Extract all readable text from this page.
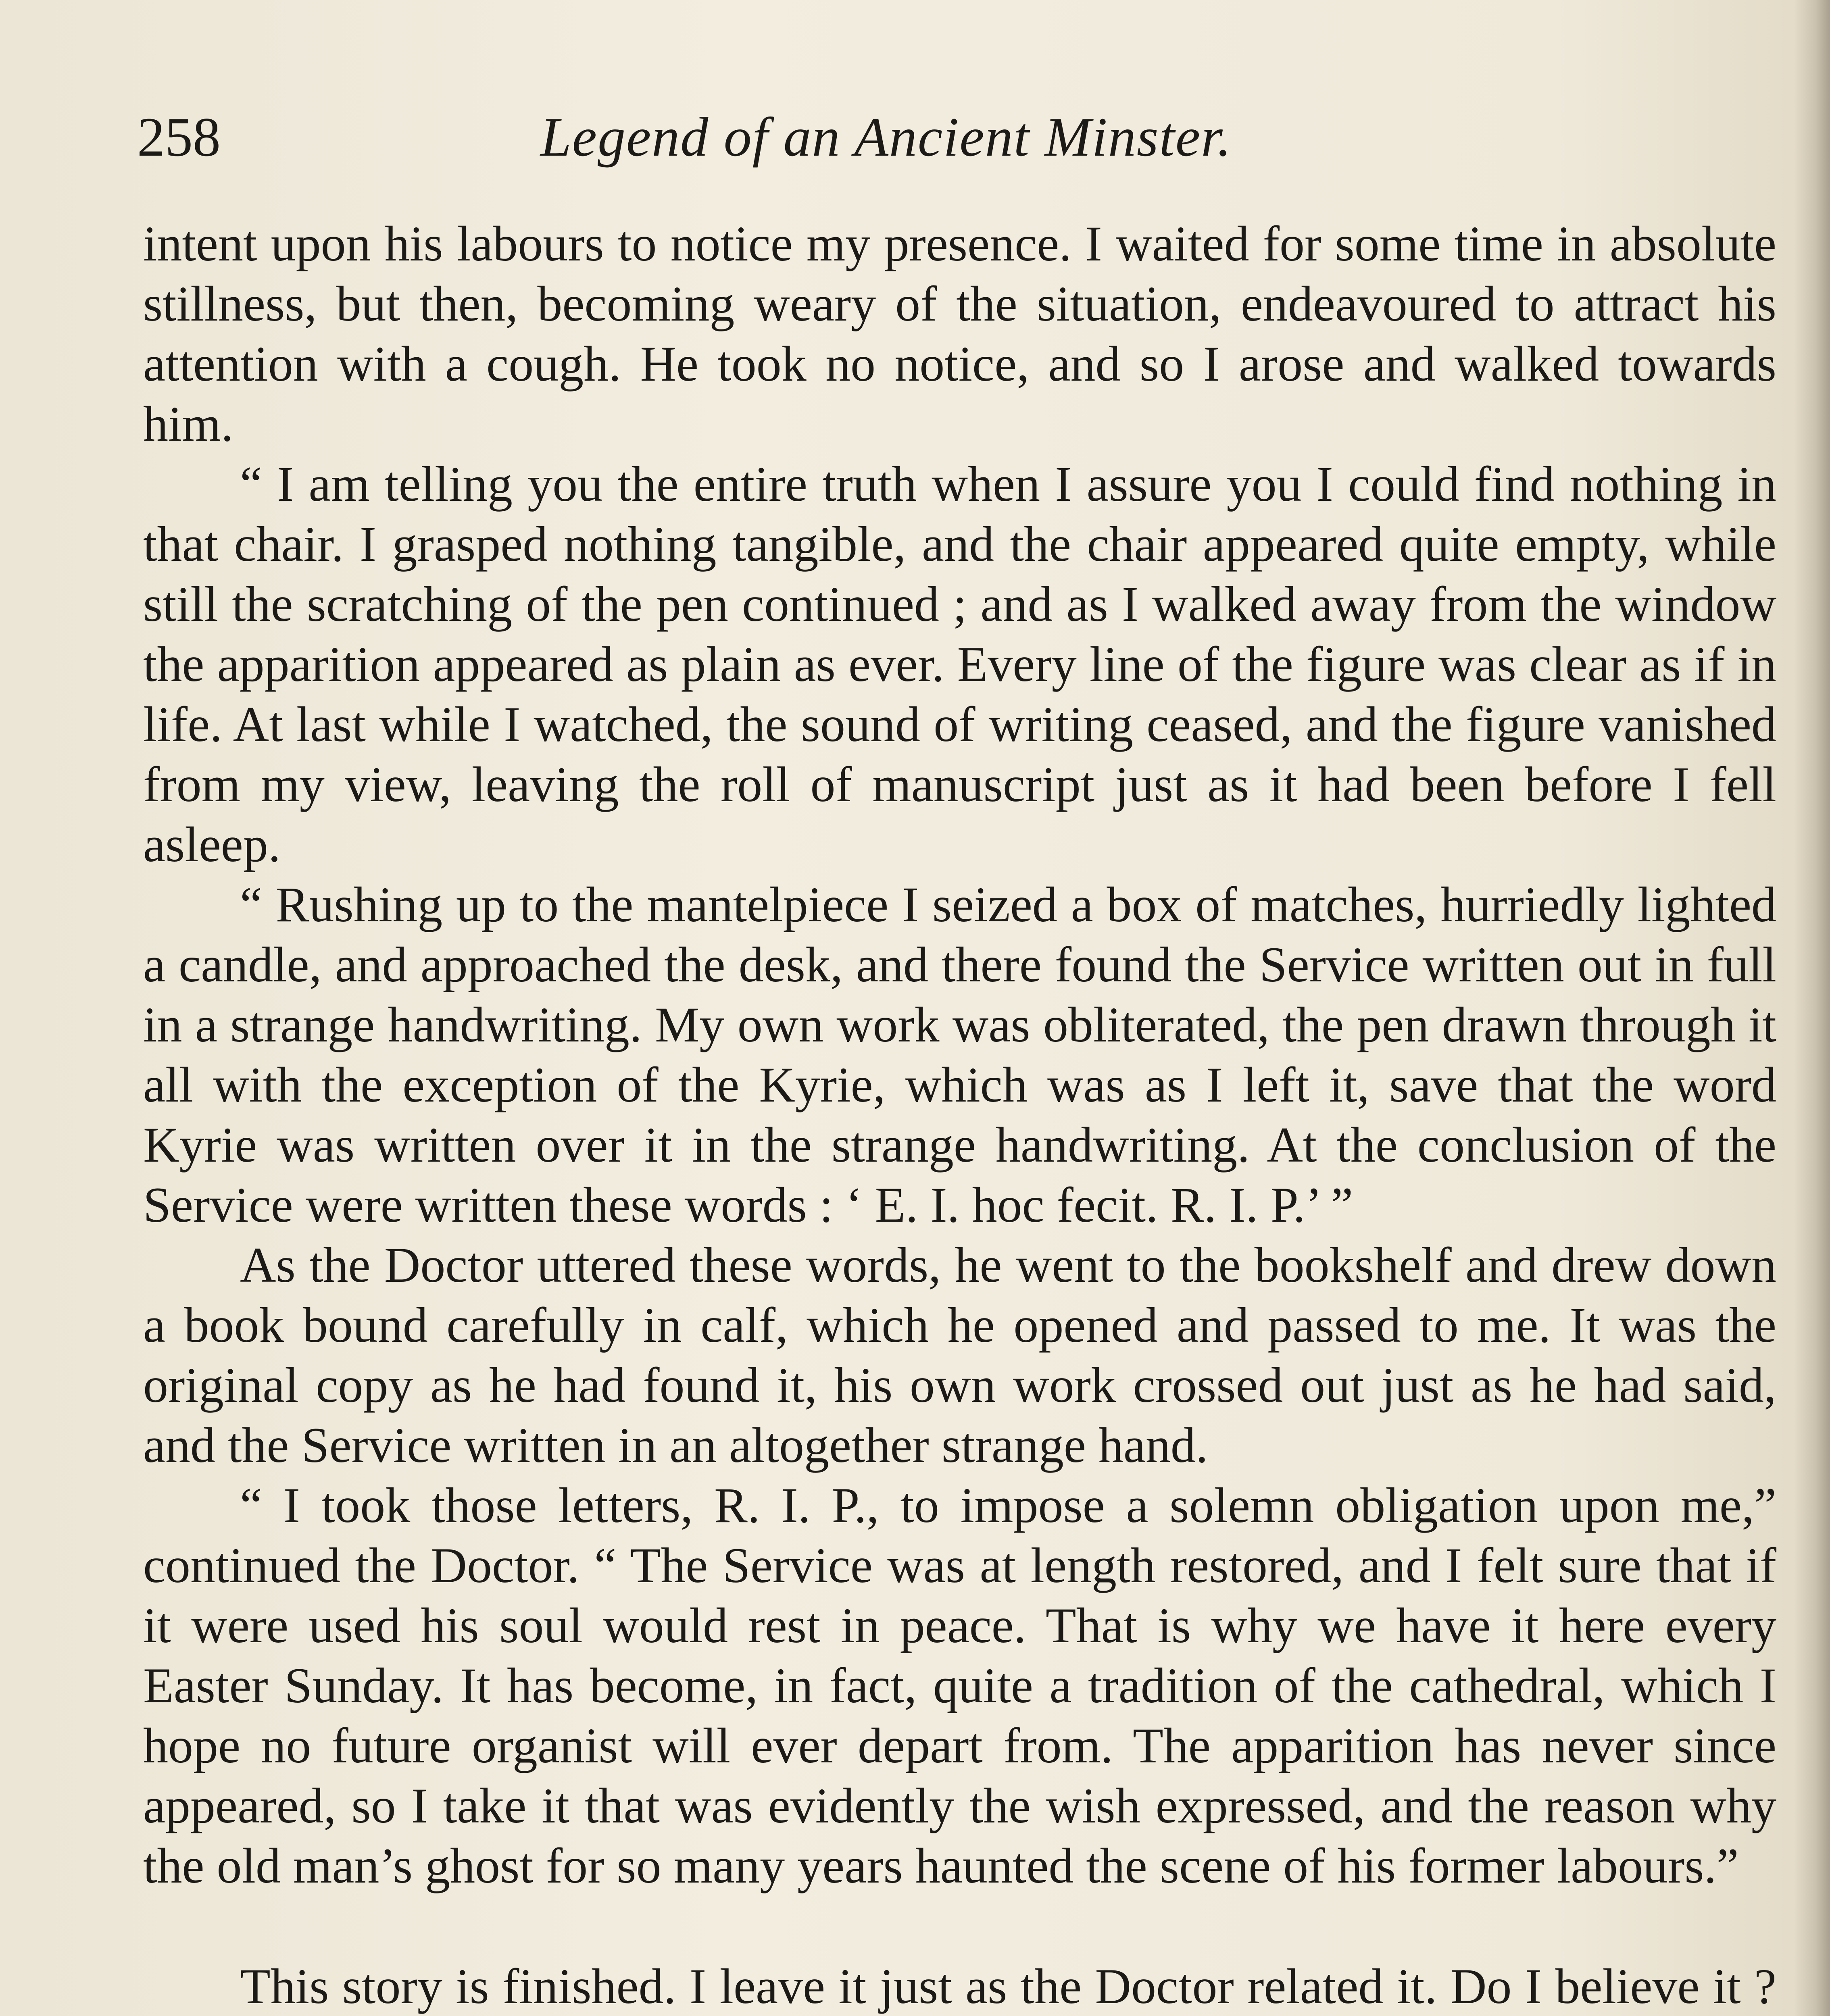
258	Legend of an Ancient Minster.

intent upon his labours to notice my presence. I waited for some time in absolute stillness, but then, becoming weary of the situation, endeavoured to attract his attention with a cough. He took no notice, and so I arose and walked towards him.

“ I am telling you the entire truth when I assure you I could find nothing in that chair. I grasped nothing tangible, and the chair appeared quite empty, while still the scratching of the pen continued ; and as I walked away from the window the apparition appeared as plain as ever. Every line of the figure was clear as if in life. At last while I watched, the sound of writing ceased, and the figure vanished from my view, leaving the roll of manuscript just as it had been before I fell asleep.

“ Rushing up to the mantelpiece I seized a box of matches, hurriedly lighted a candle, and approached the desk, and there found the Service written out in full in a strange handwriting. My own work was obliterated, the pen drawn through it all with the exception of the Kyrie, which was as I left it, save that the word Kyrie was written over it in the strange handwriting. At the conclusion of the Service were written these words : ‘ E. I. hoc fecit. R. I. P.’ ”

As the Doctor uttered these words, he went to the bookshelf and drew down a book bound carefully in calf, which he opened and passed to me. It was the original copy as he had found it, his own work crossed out just as he had said, and the Service written in an altogether strange hand.

“ I took those letters, R. I. P., to impose a solemn obligation upon me,” continued the Doctor. “ The Service was at length restored, and I felt sure that if it were used his soul would rest in peace. That is why we have it here every Easter Sunday. It has become, in fact, quite a tradition of the cathedral, which I hope no future organist will ever depart from. The apparition has never since appeared, so I take it that was evidently the wish expressed, and the reason why the old man’s ghost for so many years haunted the scene of his former labours.”

This story is finished. I leave it just as the Doctor related it. Do I believe it ?
